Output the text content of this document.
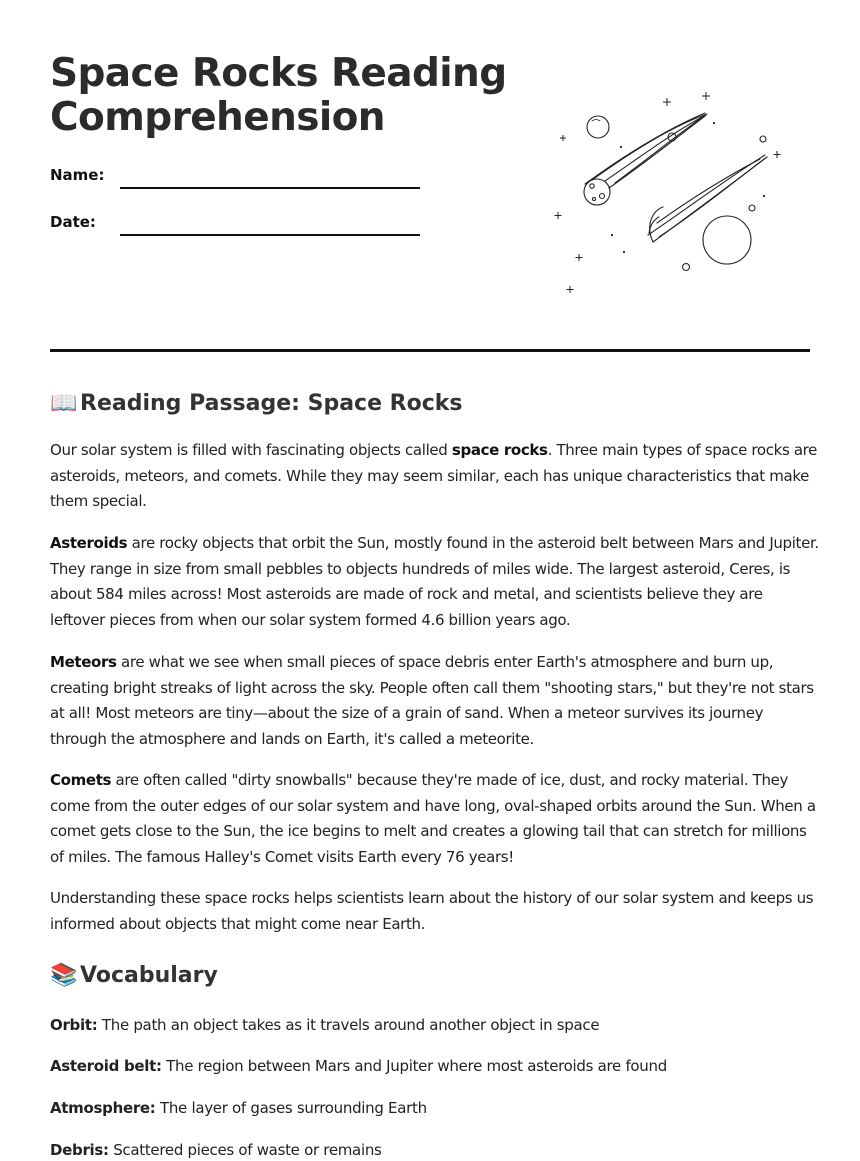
Space Rocks Reading Comprehension
Name:
Date:
📖 Reading Passage: Space Rocks

Our solar system is filled with fascinating objects called space rocks. Three main types of space rocks are asteroids, meteors, and comets. While they may seem similar, each has unique characteristics that make them special.

Asteroids are rocky objects that orbit the Sun, mostly found in the asteroid belt between Mars and Jupiter. They range in size from small pebbles to objects hundreds of miles wide. The largest asteroid, Ceres, is about 584 miles across! Most asteroids are made of rock and metal, and scientists believe they are leftover pieces from when our solar system formed 4.6 billion years ago.

Meteors are what we see when small pieces of space debris enter Earth's atmosphere and burn up, creating bright streaks of light across the sky. People often call them "shooting stars," but they're not stars at all! Most meteors are tiny—about the size of a grain of sand. When a meteor survives its journey through the atmosphere and lands on Earth, it's called a meteorite.

Comets are often called "dirty snowballs" because they're made of ice, dust, and rocky material. They come from the outer edges of our solar system and have long, oval-shaped orbits around the Sun. When a comet gets close to the Sun, the ice begins to melt and creates a glowing tail that can stretch for millions of miles. The famous Halley's Comet visits Earth every 76 years!

Understanding these space rocks helps scientists learn about the history of our solar system and keeps us informed about objects that might come near Earth.

📚 Vocabulary

Orbit: The path an object takes as it travels around another object in space

Asteroid belt: The region between Mars and Jupiter where most asteroids are found

Atmosphere: The layer of gases surrounding Earth

Debris: Scattered pieces of waste or remains
